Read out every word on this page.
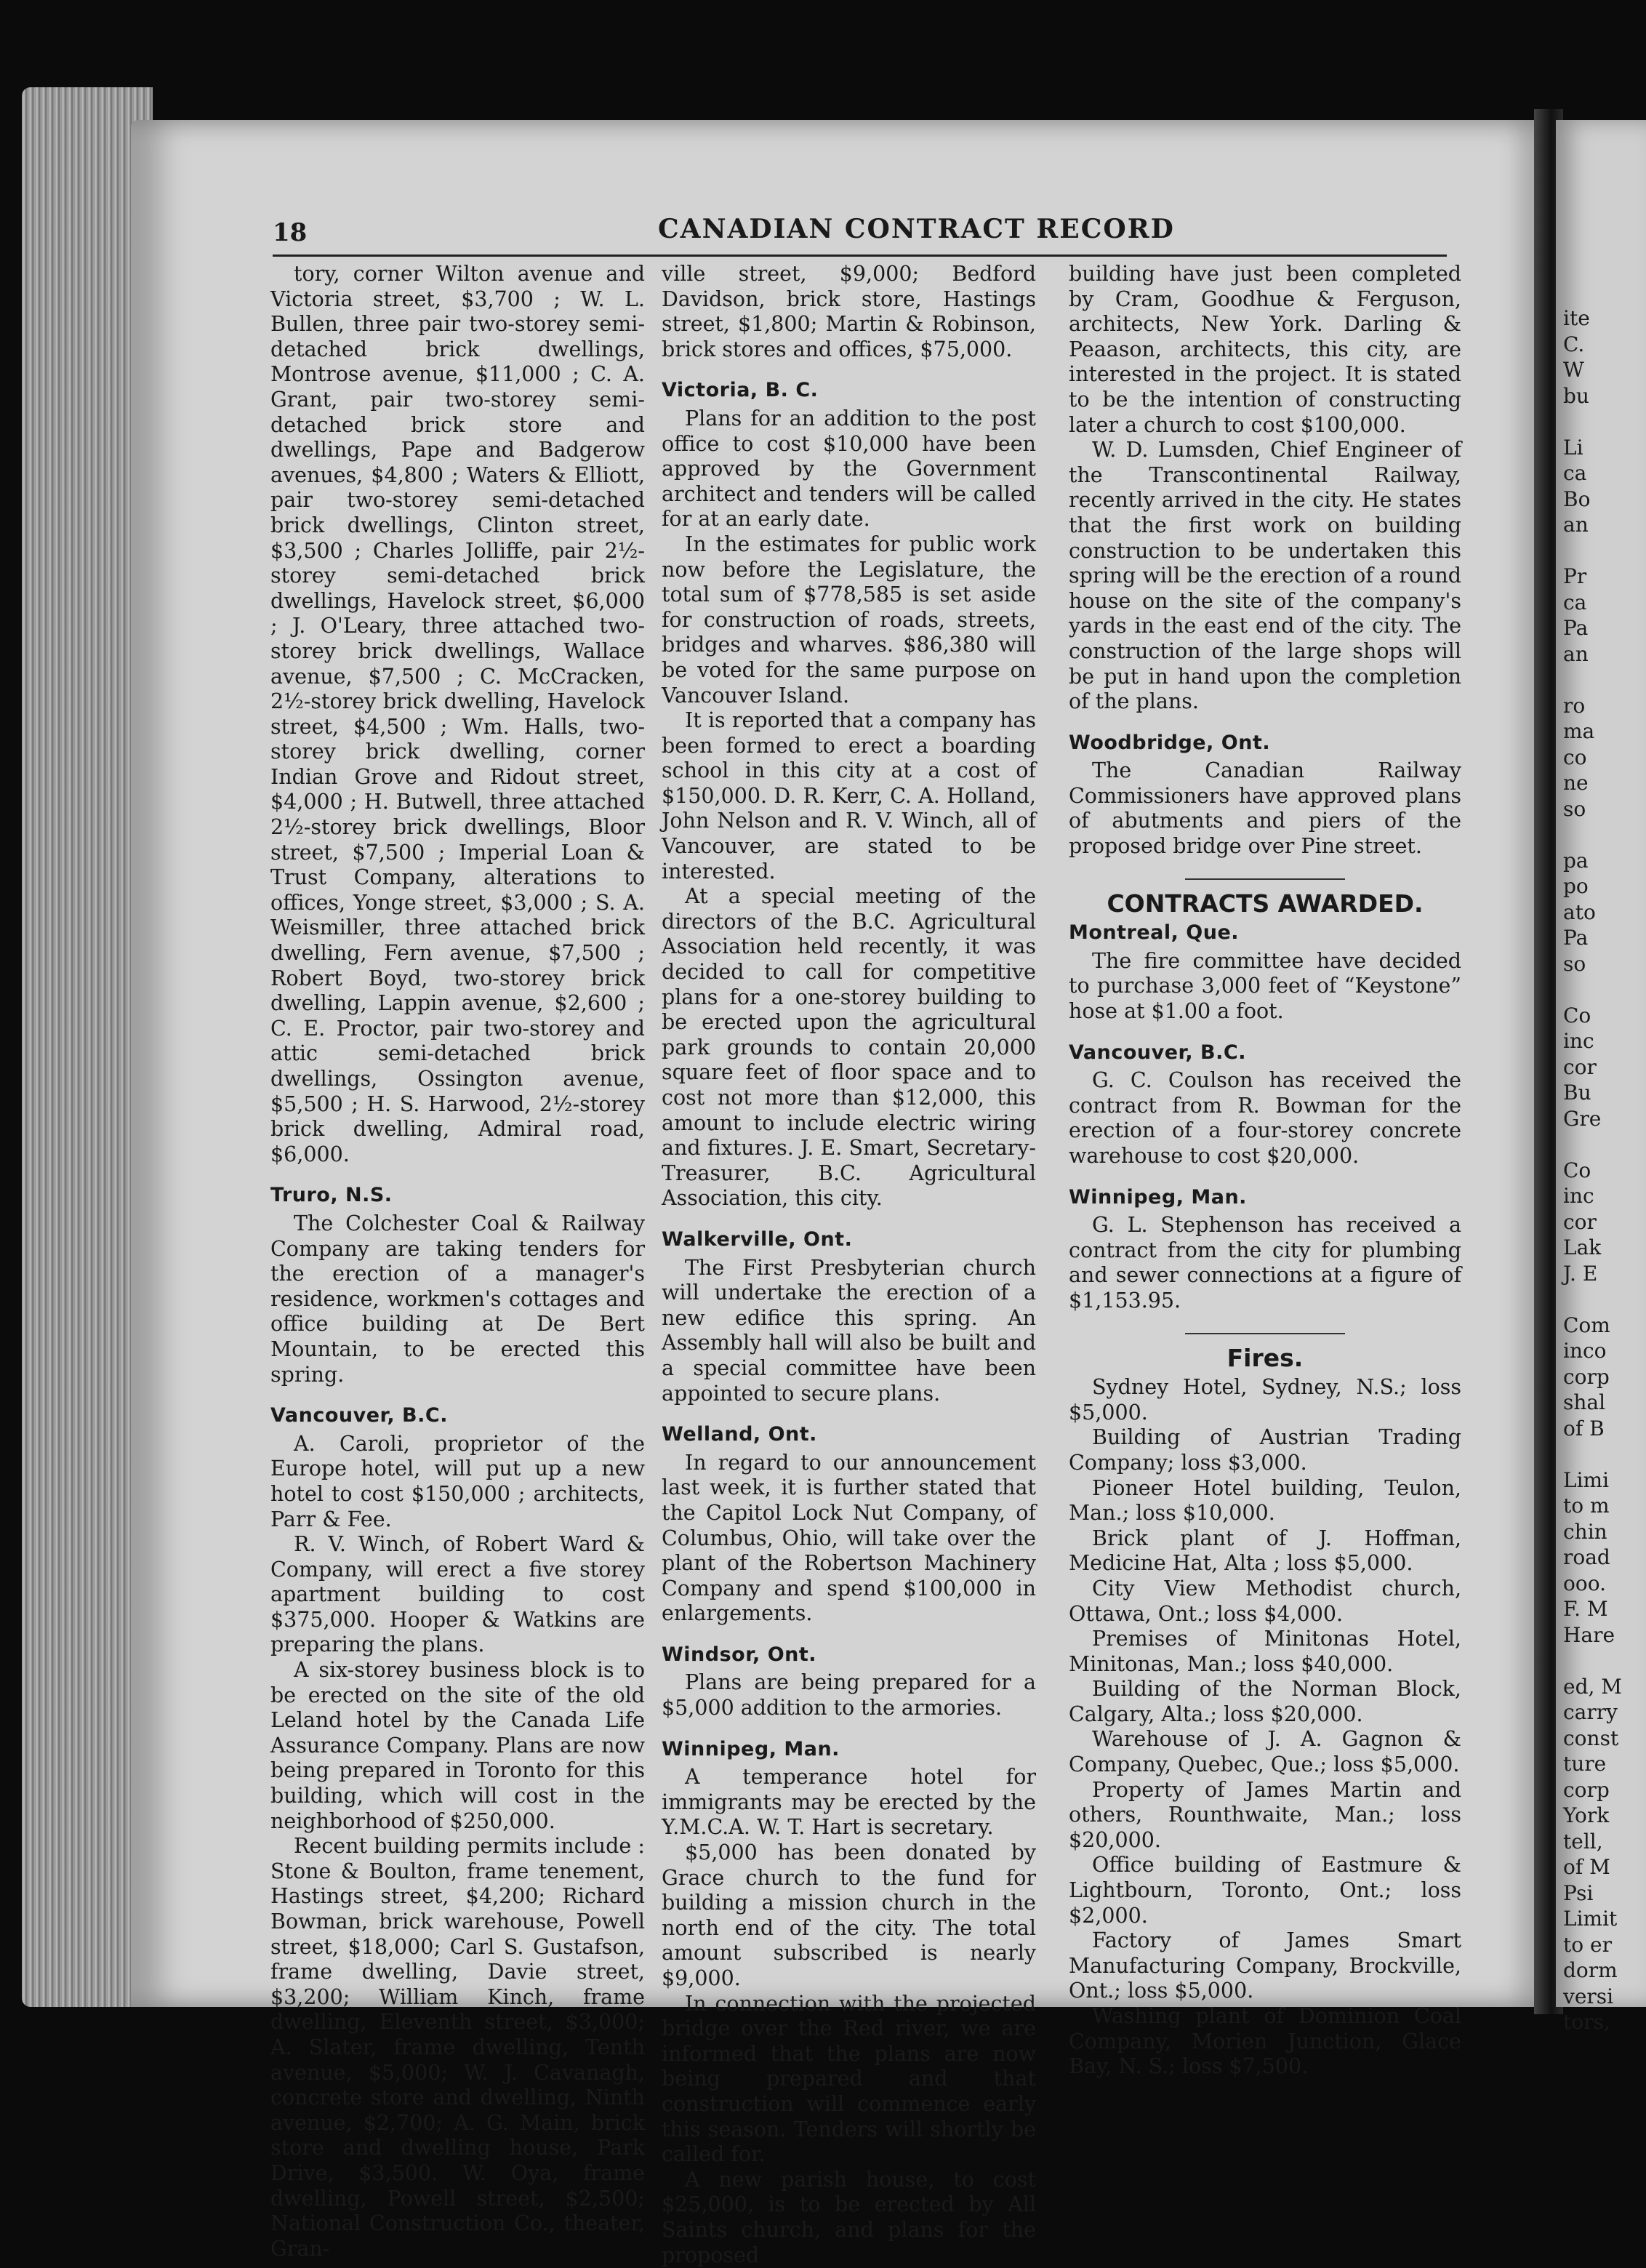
18	CANADIAN CONTRACT RECORD

tory, corner Wilton avenue and Victoria street, $3,700 ; W. L. Bullen, three pair two-storey semi-detached brick dwellings, Montrose avenue, $11,000 ; C. A. Grant, pair two-storey semi-detached brick store and dwellings, Pape and Badgerow avenues, $4,800 ; Waters & Elliott, pair two-storey semi-detached brick dwellings, Clinton street, $3,500 ; Charles Jolliffe, pair 2½-storey semi-detached brick dwellings, Havelock street, $6,000 ; J. O'Leary, three attached two-storey brick dwellings, Wallace avenue, $7,500 ; C. McCracken, 2½-storey brick dwelling, Havelock street, $4,500 ; Wm. Halls, two-storey brick dwelling, corner Indian Grove and Ridout street, $4,000 ; H. Butwell, three attached 2½-storey brick dwellings, Bloor street, $7,500 ; Imperial Loan & Trust Company, alterations to offices, Yonge street, $3,000 ; S. A. Weismiller, three attached brick dwelling, Fern avenue, $7,500 ; Robert Boyd, two-storey brick dwelling, Lappin avenue, $2,600 ; C. E. Proctor, pair two-storey and attic semi-detached brick dwellings, Ossington avenue, $5,500 ; H. S. Harwood, 2½-storey brick dwelling, Admiral road, $6,000.

Truro, N.S.

The Colchester Coal & Railway Company are taking tenders for the erection of a manager's residence, workmen's cottages and office building at De Bert Mountain, to be erected this spring.

Vancouver, B.C.

A. Caroli, proprietor of the Europe hotel, will put up a new hotel to cost $150,000 ; architects, Parr & Fee.

R. V. Winch, of Robert Ward & Company, will erect a five storey apartment building to cost $375,000. Hooper & Watkins are preparing the plans.

A six-storey business block is to be erected on the site of the old Leland hotel by the Canada Life Assurance Company. Plans are now being prepared in Toronto for this building, which will cost in the neighborhood of $250,000.

Recent building permits include : Stone & Boulton, frame tenement, Hastings street, $4,200; Richard Bowman, brick warehouse, Powell street, $18,000; Carl S. Gustafson, frame dwelling, Davie street, $3,200; William Kinch, frame dwelling, Eleventh street, $3,000; A. Slater, frame dwelling, Tenth avenue, $5,000; W. J. Cavanagh, concrete store and dwelling, Ninth avenue, $2,700; A. G. Main, brick store and dwelling house, Park Drive, $3,500. W. Oya, frame dwelling, Powell street, $2,500; National Construction Co., theater, Gran-

ville street, $9,000; Bedford Davidson, brick store, Hastings street, $1,800; Martin & Robinson, brick stores and offices, $75,000.

Victoria, B. C.

Plans for an addition to the post office to cost $10,000 have been approved by the Government architect and tenders will be called for at an early date.

In the estimates for public work now before the Legislature, the total sum of $778,585 is set aside for construction of roads, streets, bridges and wharves. $86,380 will be voted for the same purpose on Vancouver Island.

It is reported that a company has been formed to erect a boarding school in this city at a cost of $150,000. D. R. Kerr, C. A. Holland, John Nelson and R. V. Winch, all of Vancouver, are stated to be interested.

At a special meeting of the directors of the B.C. Agricultural Association held recently, it was decided to call for competitive plans for a one-storey building to be erected upon the agricultural park grounds to contain 20,000 square feet of floor space and to cost not more than $12,000, this amount to include electric wiring and fixtures. J. E. Smart, Secretary-Treasurer, B.C. Agricultural Association, this city.

Walkerville, Ont.

The First Presbyterian church will undertake the erection of a new edifice this spring. An Assembly hall will also be built and a special committee have been appointed to secure plans.

Welland, Ont.

In regard to our announcement last week, it is further stated that the Capitol Lock Nut Company, of Columbus, Ohio, will take over the plant of the Robertson Machinery Company and spend $100,000 in enlargements.

Windsor, Ont.

Plans are being prepared for a $5,000 addition to the armories.

Winnipeg, Man.

A temperance hotel for immigrants may be erected by the Y.M.C.A. W. T. Hart is secretary.

$5,000 has been donated by Grace church to the fund for building a mission church in the north end of the city. The total amount subscribed is nearly $9,000.

In connection with the projected bridge over the Red river, we are informed that the plans are now being prepared and that construction will commence early this season. Tenders will shortly be called for.

A new parish house, to cost $25,000, is to be erected by All Saints church, and plans for the proposed

building have just been completed by Cram, Goodhue & Ferguson, architects, New York. Darling & Peaason, architects, this city, are interested in the project. It is stated to be the intention of constructing later a church to cost $100,000.

W. D. Lumsden, Chief Engineer of the Transcontinental Railway, recently arrived in the city. He states that the first work on building construction to be undertaken this spring will be the erection of a round house on the site of the company's yards in the east end of the city. The construction of the large shops will be put in hand upon the completion of the plans.

Woodbridge, Ont.

The Canadian Railway Commissioners have approved plans of abutments and piers of the proposed bridge over Pine street.

CONTRACTS AWARDED.
Montreal, Que.

The fire committee have decided to purchase 3,000 feet of “Keystone” hose at $1.00 a foot.

Vancouver, B.C.

G. C. Coulson has received the contract from R. Bowman for the erection of a four-storey concrete warehouse to cost $20,000.

Winnipeg, Man.

G. L. Stephenson has received a contract from the city for plumbing and sewer connections at a figure of $1,153.95.

Fires.

Sydney Hotel, Sydney, N.S.; loss $5,000.

Building of Austrian Trading Company; loss $3,000.

Pioneer Hotel building, Teulon, Man.; loss $10,000.

Brick plant of J. Hoffman, Medicine Hat, Alta ; loss $5,000.

City View Methodist church, Ottawa, Ont.; loss $4,000.

Premises of Minitonas Hotel, Minitonas, Man.; loss $40,000.

Building of the Norman Block, Calgary, Alta.; loss $20,000.

Warehouse of J. A. Gagnon & Company, Quebec, Que.; loss $5,000.

Property of James Martin and others, Rounthwaite, Man.; loss $20,000.

Office building of Eastmure & Lightbourn, Toronto, Ont.; loss $2,000.

Factory of James Smart Manufacturing Company, Brockville, Ont.; loss $5,000.

Washing plant of Dominion Coal Company, Morien Junction, Glace Bay, N. S.; loss $7,500.

ite
C.
W
bu

Li
ca
Bo
an

Pr
ca
Pa
an

ro
ma
co
ne
so

pa
po
ato
Pa
so

Co
inc
cor
Bu
Gre

Co
inc
cor
Lak
J. E

Com
inco
corp
shal
of B

Limi
to m
chin
road
ooo.
F. M
Hare

ed, M
carry
const
ture
corp
York
tell,
of M
Psi
Limit
to er
dorm
versi
tors,
